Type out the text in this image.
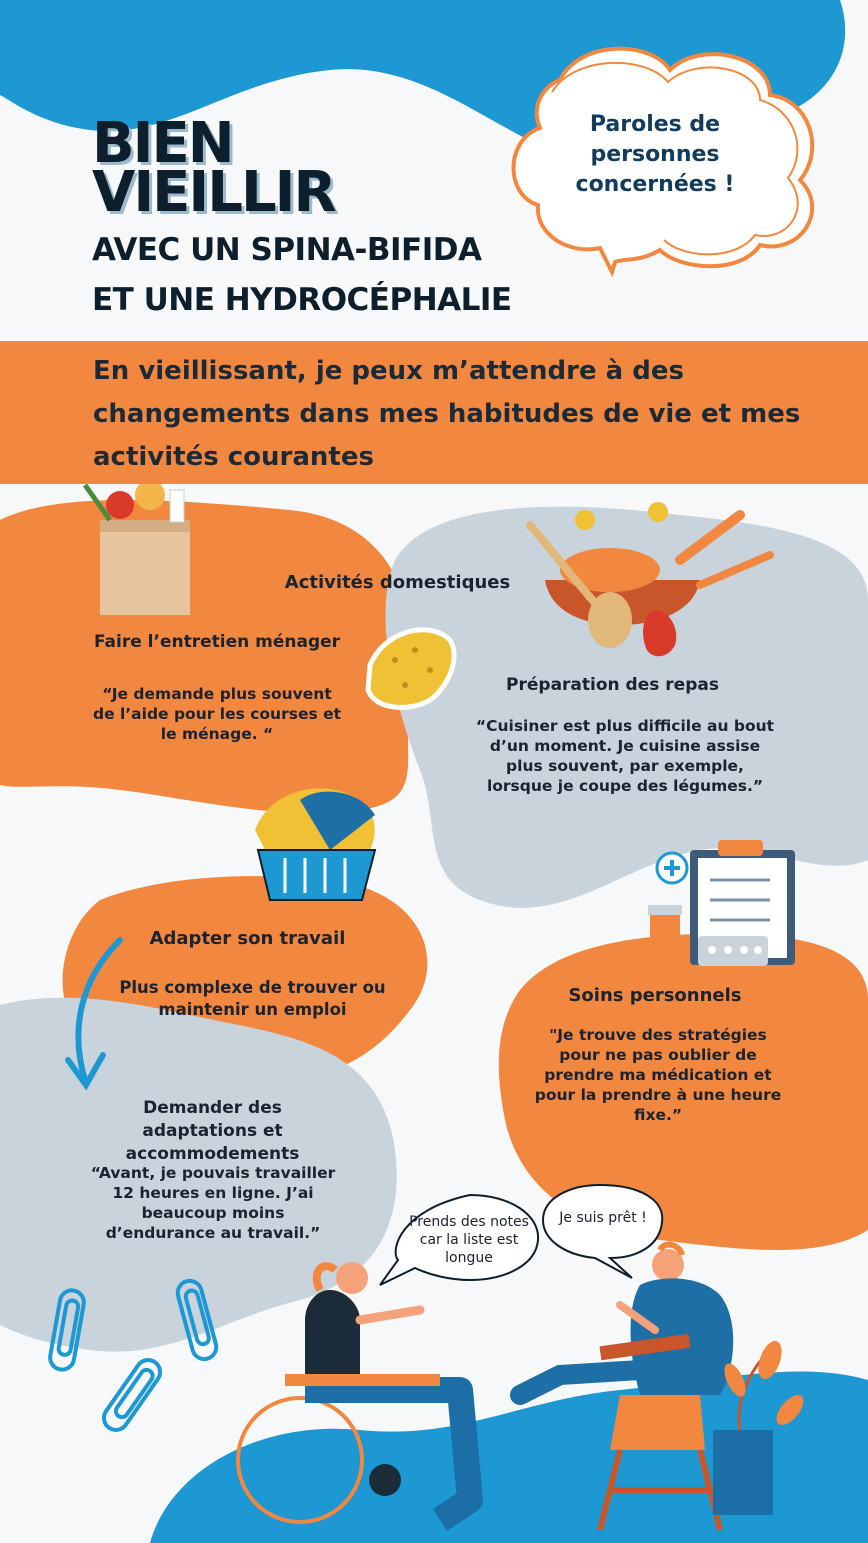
BIEN
VIEILLIR
AVEC UN SPINA-BIFIDA
ET UNE HYDROCÉPHALIE
Paroles de personnes concernées !
En vieillissant, je peux m’attendre à des changements dans mes habitudes de vie et mes activités courantes
Activités domestiques
Faire l’entretien ménager
“Je demande plus souvent de l’aide pour les courses et le ménage. “
Préparation des repas
“Cuisiner est plus difficile au bout d’un moment. Je cuisine assise plus souvent, par exemple, lorsque je coupe des légumes.”
Adapter son travail
Plus complexe de trouver ou maintenir un emploi
Demander des adaptations et accommodements
“Avant, je pouvais travailler 12 heures en ligne. J’ai beaucoup moins d’endurance au travail.”
Soins personnels
"Je trouve des stratégies pour ne pas oublier de prendre ma médication et pour la prendre à une heure fixe.”
Prends des notes car la liste est longue
Je suis prêt !
